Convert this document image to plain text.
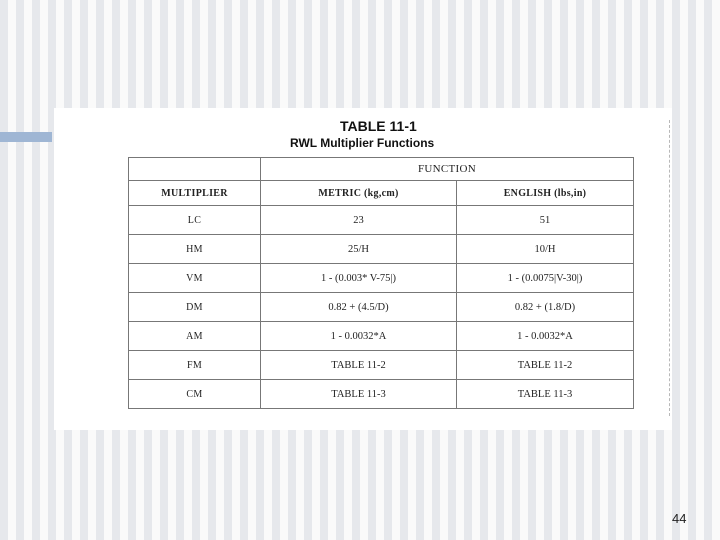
TABLE 11-1
RWL Multiplier Functions
	FUNCTION	
MULTIPLIER	METRIC (kg,cm)	ENGLISH (lbs,in)
LC	23	51
HM	25/H	10/H
VM	1 - (0.003* V-75|)	1 - (0.0075|V-30|)
DM	0.82 + (4.5/D)	0.82 + (1.8/D)
AM	1 - 0.0032*A	1 - 0.0032*A
FM	TABLE 11-2	TABLE 11-2
CM	TABLE 11-3	TABLE 11-3
44
